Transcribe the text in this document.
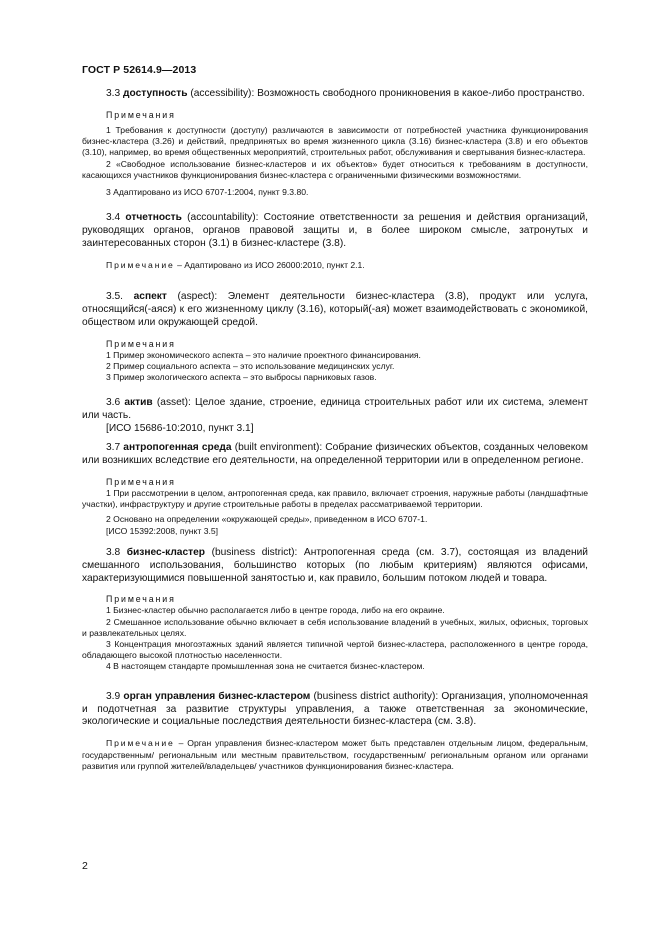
ГОСТ Р 52614.9—2013

3.3 доступность (accessibility): Возможность свободного проникновения в какое-либо пространство.

Примечания

1 Требования к доступности (доступу) различаются в зависимости от потребностей участника функционирования бизнес-кластера (3.26) и действий, предпринятых во время жизненного цикла (3.16) бизнес-кластера (3.8) и его объектов (3.10), например, во время общественных мероприятий, строительных работ, обслуживания и свертывания бизнес-кластера.

2 «Свободное использование бизнес-кластеров и их объектов» будет относиться к требованиям в доступности, касающихся участников функционирования бизнес-кластера с ограниченными физическими возможностями.

3 Адаптировано из ИСО 6707-1:2004, пункт 9.3.80.

3.4 отчетность (accountability): Состояние ответственности за решения и действия организаций, руководящих органов, органов правовой защиты и, в более широком смысле, затронутых и заинтересованных сторон (3.1) в бизнес-кластере (3.8).

Примечание – Адаптировано из ИСО 26000:2010, пункт 2.1.

3.5. аспект (aspect): Элемент деятельности бизнес-кластера (3.8), продукт или услуга, относящийся(-аяся) к его жизненному циклу (3.16), который(-ая) может взаимодействовать с экономикой, обществом или окружающей средой.

Примечания

1 Пример экономического аспекта – это наличие проектного финансирования.

2 Пример социального аспекта – это использование медицинских услуг.

3 Пример экологического аспекта – это выбросы парниковых газов.

3.6 актив (asset): Целое здание, строение, единица строительных работ или их система, элемент или часть.

[ИСО 15686-10:2010, пункт 3.1]

3.7 антропогенная среда (built environment): Собрание физических объектов, созданных человеком или возникших вследствие его деятельности, на определенной территории или в определенном регионе.

Примечания

1 При рассмотрении в целом, антропогенная среда, как правило, включает строения, наружные работы (ландшафтные участки), инфраструктуру и другие строительные работы в пределах рассматриваемой территории.

2 Основано на определении «окружающей среды», приведенном в ИСО 6707-1.

[ИСО 15392:2008, пункт 3.5]

3.8 бизнес-кластер (business district): Антропогенная среда (см. 3.7), состоящая из владений смешанного использования, большинство которых (по любым критериям) являются офисами, характеризующимися повышенной занятостью и, как правило, большим потоком людей и товара.

Примечания

1 Бизнес-кластер обычно располагается либо в центре города, либо на его окраине.

2 Смешанное использование обычно включает в себя использование владений в учебных, жилых, офисных, торговых и развлекательных целях.

3 Концентрация многоэтажных зданий является типичной чертой бизнес-кластера, расположенного в центре города, обладающего высокой плотностью населенности.

4 В настоящем стандарте промышленная зона не считается бизнес-кластером.

3.9 орган управления бизнес-кластером (business district authority): Организация, уполномоченная и подотчетная за развитие структуры управления, а также ответственная за экономические, экологические и социальные последствия деятельности бизнес-кластера (см. 3.8).

Примечание – Орган управления бизнес-кластером может быть представлен отдельным лицом, федеральным, государственным/ региональным или местным правительством, государственным/ региональным органом или органами развития или группой жителей/владельцев/ участников функционирования бизнес-кластера.

2
